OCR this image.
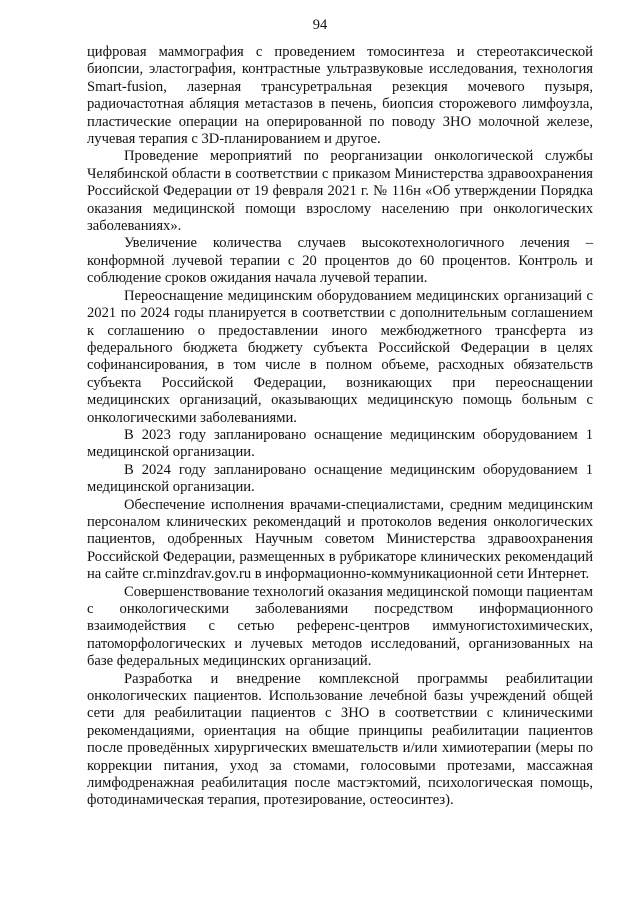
94

цифровая маммография с проведением томосинтеза и стереотаксической биопсии, эластография, контрастные ультразвуковые исследования, технология Smart-fusion, лазерная трансуретральная резекция мочевого пузыря, радиочастотная абляция метастазов в печень, биопсия сторожевого лимфоузла, пластические операции на оперированной по поводу ЗНО молочной железе, лучевая терапия с 3D-планированием и другое.

Проведение мероприятий по реорганизации онкологической службы Челябинской области в соответствии с приказом Министерства здравоохранения Российской Федерации от 19 февраля 2021 г. № 116н «Об утверждении Порядка оказания медицинской помощи взрослому населению при онкологических заболеваниях».

Увеличение количества случаев высокотехнологичного лечения – конформной лучевой терапии с 20 процентов до 60 процентов. Контроль и соблюдение сроков ожидания начала лучевой терапии.

Переоснащение медицинским оборудованием медицинских организаций с 2021 по 2024 годы планируется в соответствии с дополнительным соглашением к соглашению о предоставлении иного межбюджетного трансферта из федерального бюджета бюджету субъекта Российской Федерации в целях софинансирования, в том числе в полном объеме, расходных обязательств субъекта Российской Федерации, возникающих при переоснащении медицинских организаций, оказывающих медицинскую помощь больным с онкологическими заболеваниями.

В 2023 году запланировано оснащение медицинским оборудованием 1 медицинской организации.

В 2024 году запланировано оснащение медицинским оборудованием 1 медицинской организации.

Обеспечение исполнения врачами-специалистами, средним медицинским персоналом клинических рекомендаций и протоколов ведения онкологических пациентов, одобренных Научным советом Министерства здравоохранения Российской Федерации, размещенных в рубрикаторе клинических рекомендаций на сайте cr.minzdrav.gov.ru в информационно-коммуникационной сети Интернет.

Совершенствование технологий оказания медицинской помощи пациентам с онкологическими заболеваниями посредством информационного взаимодействия с сетью референс-центров иммуногистохимических, патоморфологических и лучевых методов исследований, организованных на базе федеральных медицинских организаций.

Разработка и внедрение комплексной программы реабилитации онкологических пациентов. Использование лечебной базы учреждений общей сети для реабилитации пациентов с ЗНО в соответствии с клиническими рекомендациями, ориентация на общие принципы реабилитации пациентов после проведённых хирургических вмешательств и/или химиотерапии (меры по коррекции питания, уход за стомами, голосовыми протезами, массажная лимфодренажная реабилитация после мастэктомий, психологическая помощь, фотодинамическая терапия, протезирование, остеосинтез).
